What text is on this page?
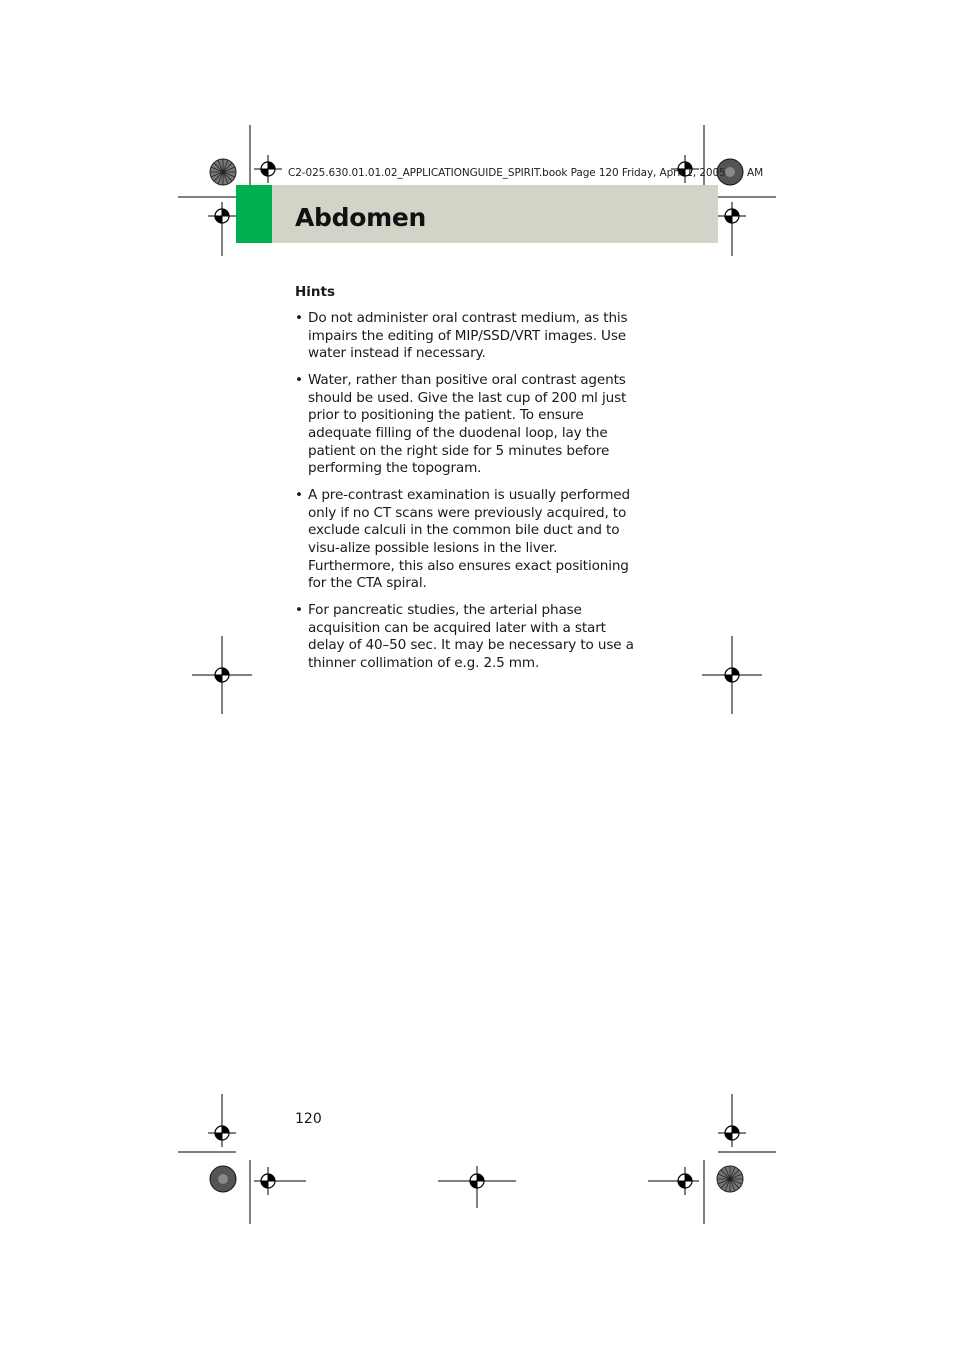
C2-025.630.01.01.02_APPLICATIONGUIDE_SPIRIT.book Page 120 Friday, April 1, 2005 AM
Abdomen
Hints
• Do not administer oral contrast medium, as this impairs the editing of MIP/SSD/VRT images. Use water instead if necessary.
• Water, rather than positive oral contrast agents should be used. Give the last cup of 200 ml just prior to positioning the patient. To ensure adequate filling of the duodenal loop, lay the patient on the right side for 5 minutes before performing the topogram.
• A pre-contrast examination is usually performed only if no CT scans were previously acquired, to exclude calculi in the common bile duct and to visu-alize possible lesions in the liver. Furthermore, this also ensures exact positioning for the CTA spiral.
• For pancreatic studies, the arterial phase acquisition can be acquired later with a start delay of 40–50 sec. It may be necessary to use a thinner collimation of e.g. 2.5 mm.
120
